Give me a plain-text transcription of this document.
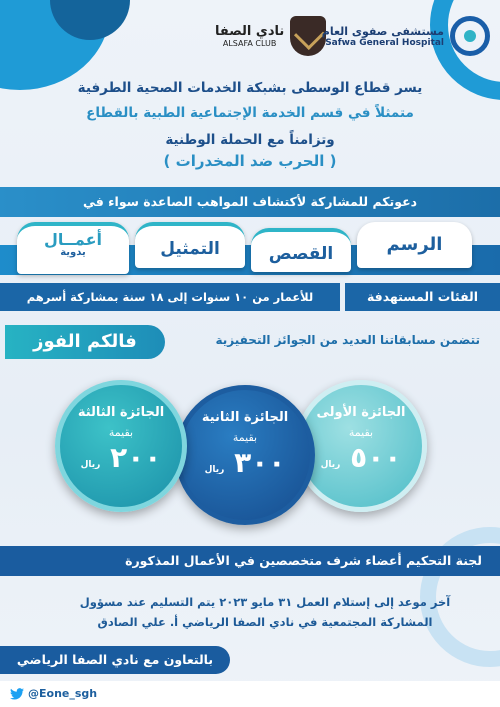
نادي الصفا
ALSAFA CLUB
مستشفى صفوى العام
Safwa General Hospital
يسر قطاع الوسطى بشبكة الخدمات الصحية الطرفية
متمثلاً في قسم الخدمة الإجتماعية الطبية بالقطاع
وتزامناً مع الحملة الوطنية
( الحرب ضد المخدرات )
دعوتكم للمشاركة لأكتشاف المواهب الصاعدة سواء في
الرسم
القصص
التمثيل
أعمــال
يدوية
للأعمار من ١٠ سنوات إلى ١٨ سنة بمشاركة أسرهم	الفئات المستهدفة
فالكم الفوز	تتضمن مسابقاتنا العديد من الجوائز التحفيزية
الجائزة الأولى
بقيمة
٥٠٠ ريال
الجائزة الثانية
بقيمة
٣٠٠ ريال
الجائزة الثالثة
بقيمة
٢٠٠ ريال
لجنة التحكيم أعضاء شرف متخصصين في الأعمال المذكورة
آخر موعد إلى إستلام العمل ٣١ مايو ٢٠٢٣ يتم التسليم عند مسؤول
المشاركة المجتمعية في نادي الصفا الرياضي أ. علي الصادق
بالتعاون مع نادي الصفا الرياضي
@Eone_sgh
